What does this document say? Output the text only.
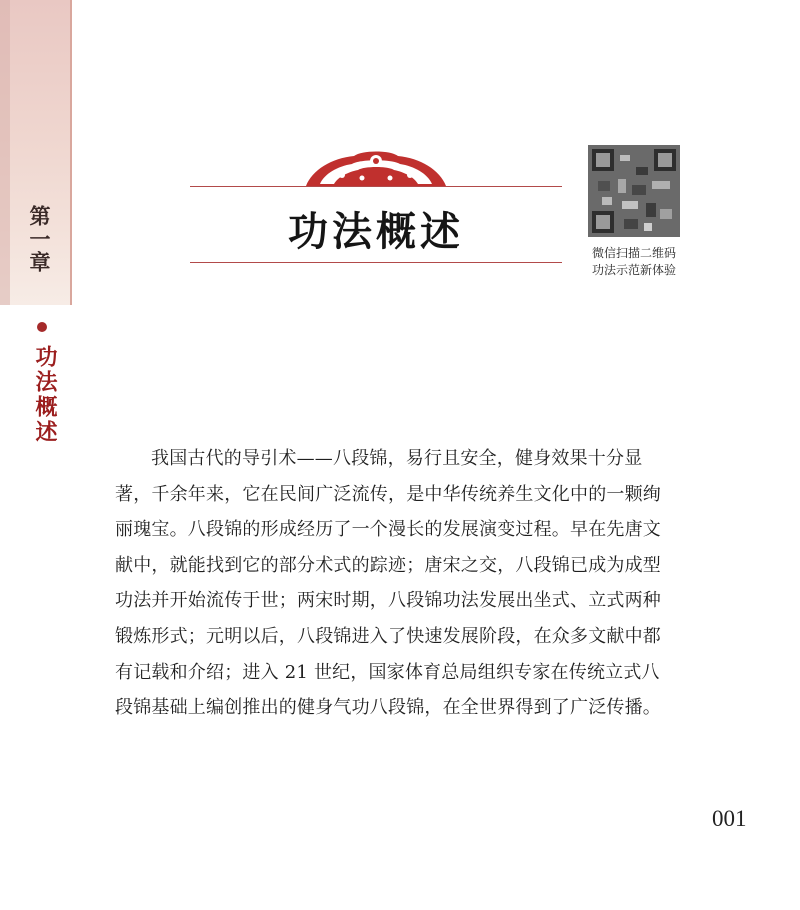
第一章
功法概述
功法概述	微信扫描二维码
功法示范新体验

我国古代的导引术——八段锦，易行且安全，健身效果十分显著，千余年来，它在民间广泛流传，是中华传统养生文化中的一颗绚丽瑰宝。八段锦的形成经历了一个漫长的发展演变过程。早在先唐文献中，就能找到它的部分术式的踪迹；唐宋之交，八段锦已成为成型功法并开始流传于世；两宋时期，八段锦功法发展出坐式、立式两种锻炼形式；元明以后，八段锦进入了快速发展阶段，在众多文献中都有记载和介绍；进入 21 世纪，国家体育总局组织专家在传统立式八段锦基础上编创推出的健身气功八段锦，在全世界得到了广泛传播。

001
